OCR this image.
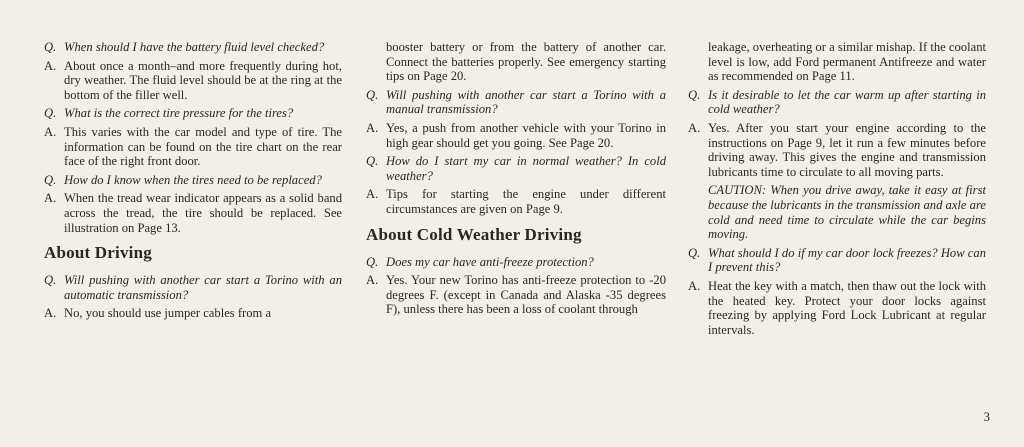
Q. When should I have the battery fluid level checked?
A. About once a month–and more frequently during hot, dry weather. The fluid level should be at the ring at the bottom of the filler well.
Q. What is the correct tire pressure for the tires?
A. This varies with the car model and type of tire. The information can be found on the tire chart on the rear face of the right front door.
Q. How do I know when the tires need to be replaced?
A. When the tread wear indicator appears as a solid band across the tread, the tire should be replaced. See illustration on Page 13.
About Driving
Q. Will pushing with another car start a Torino with an automatic transmission?
A. No, you should use jumper cables from a
booster battery or from the battery of another car. Connect the batteries properly. See emergency starting tips on Page 20.
Q. Will pushing with another car start a Torino with a manual transmission?
A. Yes, a push from another vehicle with your Torino in high gear should get you going. See Page 20.
Q. How do I start my car in normal weather? In cold weather?
A. Tips for starting the engine under different circumstances are given on Page 9.
About Cold Weather Driving
Q. Does my car have anti-freeze protection?
A. Yes. Your new Torino has anti-freeze protection to -20 degrees F. (except in Canada and Alaska -35 degrees F), unless there has been a loss of coolant through
leakage, overheating or a similar mishap. If the coolant level is low, add Ford permanent Antifreeze and water as recommended on Page 11.
Q. Is it desirable to let the car warm up after starting in cold weather?
A. Yes. After you start your engine according to the instructions on Page 9, let it run a few minutes before driving away. This gives the engine and transmission lubricants time to circulate to all moving parts.
CAUTION: When you drive away, take it easy at first because the lubricants in the transmission and axle are cold and need time to circulate while the car begins moving.
Q. What should I do if my car door lock freezes? How can I prevent this?
A. Heat the key with a match, then thaw out the lock with the heated key. Protect your door locks against freezing by applying Ford Lock Lubricant at regular intervals.
3
